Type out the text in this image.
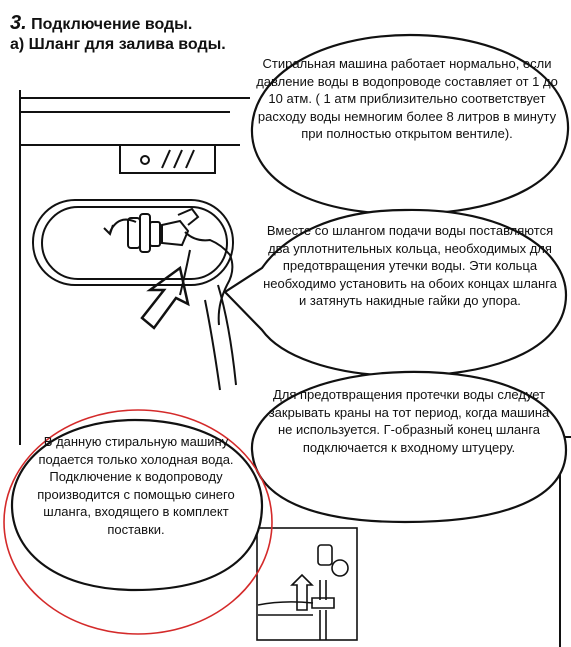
3. Подключение воды.
а) Шланг для залива воды.
Стиральная машина работает нормально, если давление воды в водопроводе составляет от 1 до 10 атм. ( 1 атм приблизительно соответствует расходу воды немногим более 8 литров в минуту при полностью открытом вентиле).
Вместе со шлангом подачи воды поставляются два уплотнительных кольца, необходимых для предотвращения утечки воды. Эти кольца необходимо установить на обоих концах шланга и затянуть накидные гайки до упора.
Для предотвращения протечки воды следует закрывать краны на тот период, когда машина не используется. Г-образный конец шланга подключается к входному штуцеру.
В данную стиральную машину подается только холодная вода. Подключение к водопроводу производится с помощью синего шланга, входящего в комплект поставки.
